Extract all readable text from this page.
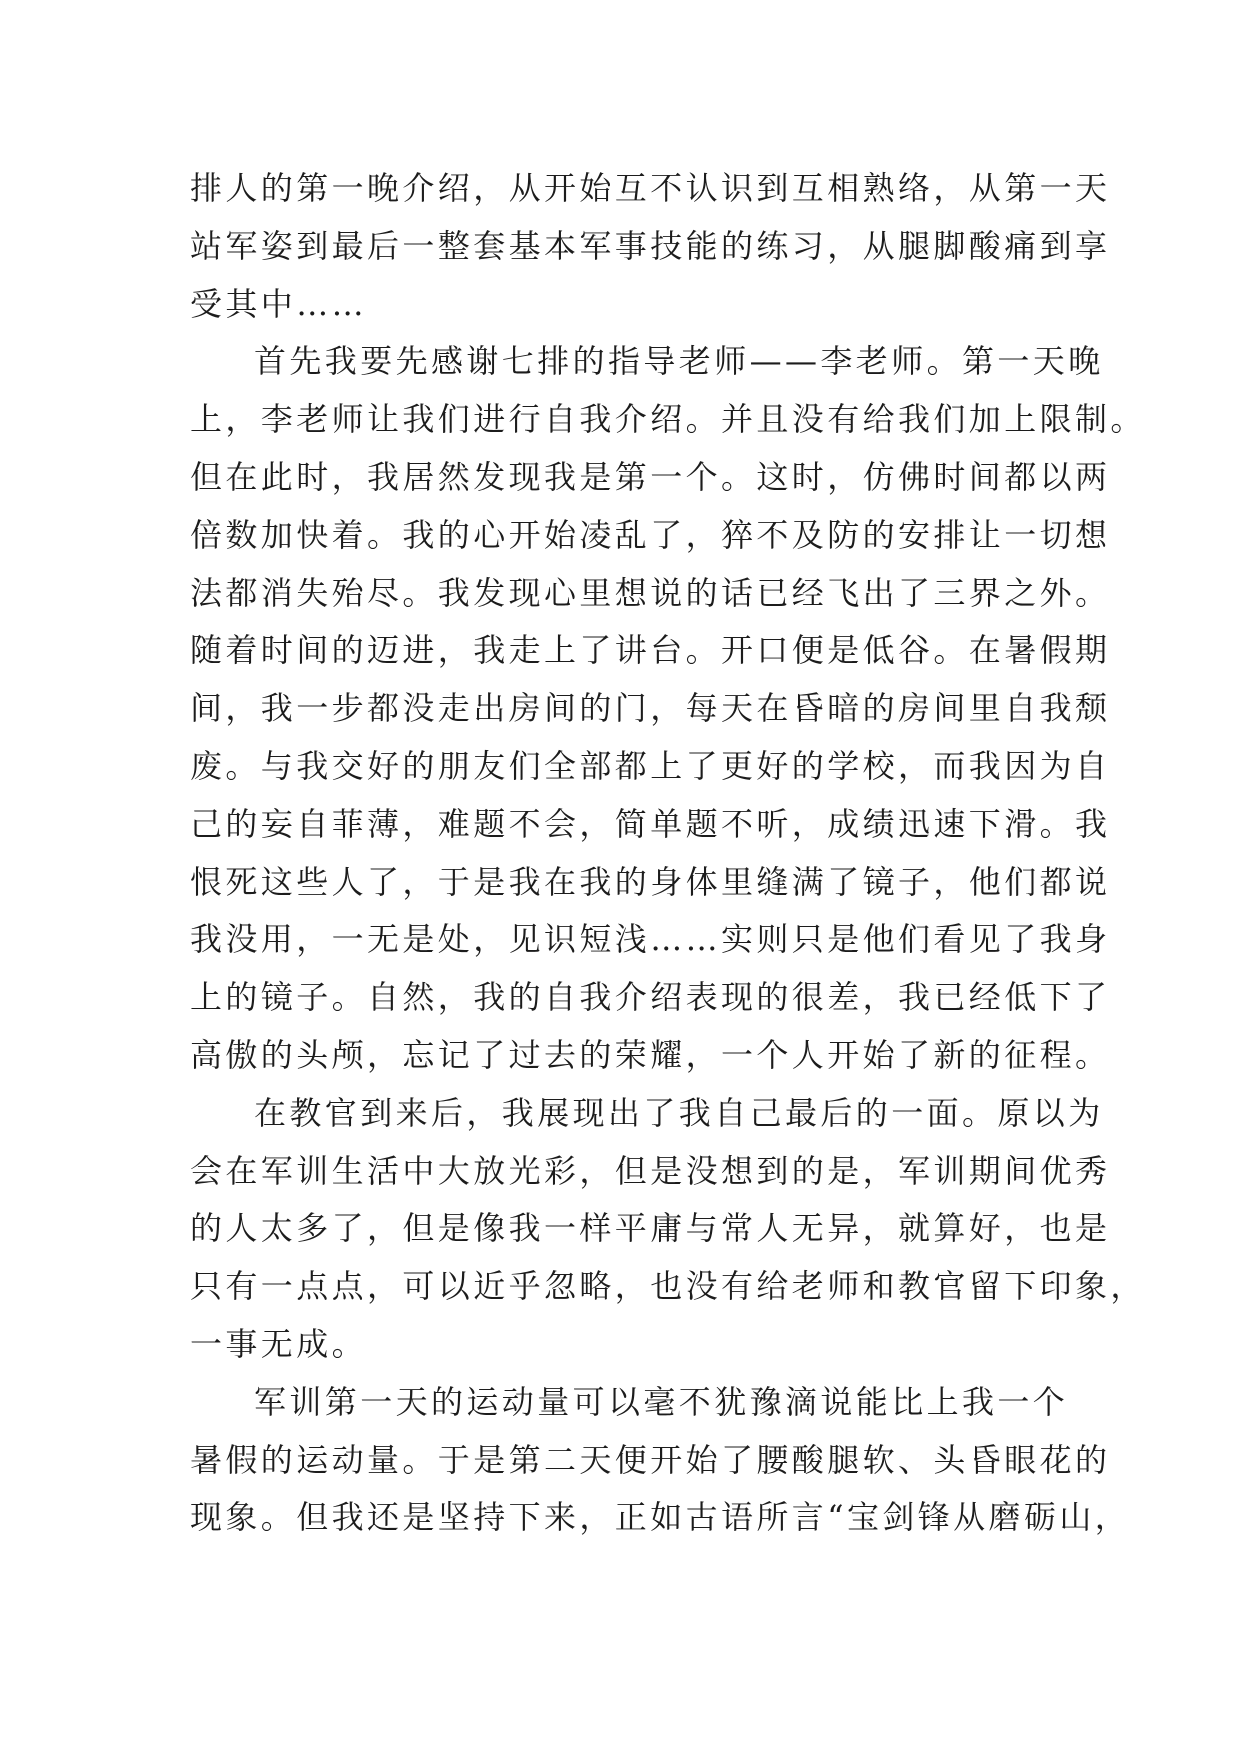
排人的第一晚介绍，从开始互不认识到互相熟络，从第一天
站军姿到最后一整套基本军事技能的练习，从腿脚酸痛到享
受其中……
首先我要先感谢七排的指导老师——李老师。第一天晚
上，李老师让我们进行自我介绍。并且没有给我们加上限制。
但在此时，我居然发现我是第一个。这时，仿佛时间都以两
倍数加快着。我的心开始凌乱了，猝不及防的安排让一切想
法都消失殆尽。我发现心里想说的话已经飞出了三界之外。
随着时间的迈进，我走上了讲台。开口便是低谷。在暑假期
间，我一步都没走出房间的门，每天在昏暗的房间里自我颓
废。与我交好的朋友们全部都上了更好的学校，而我因为自
己的妄自菲薄，难题不会，简单题不听，成绩迅速下滑。我
恨死这些人了，于是我在我的身体里缝满了镜子，他们都说
我没用，一无是处，见识短浅……实则只是他们看见了我身
上的镜子。自然，我的自我介绍表现的很差，我已经低下了
高傲的头颅，忘记了过去的荣耀，一个人开始了新的征程。
在教官到来后，我展现出了我自己最后的一面。原以为
会在军训生活中大放光彩，但是没想到的是，军训期间优秀
的人太多了，但是像我一样平庸与常人无异，就算好，也是
只有一点点，可以近乎忽略，也没有给老师和教官留下印象，
一事无成。
军训第一天的运动量可以毫不犹豫滴说能比上我一个
暑假的运动量。于是第二天便开始了腰酸腿软、头昏眼花的
现象。但我还是坚持下来，正如古语所言“宝剑锋从磨砺山，
